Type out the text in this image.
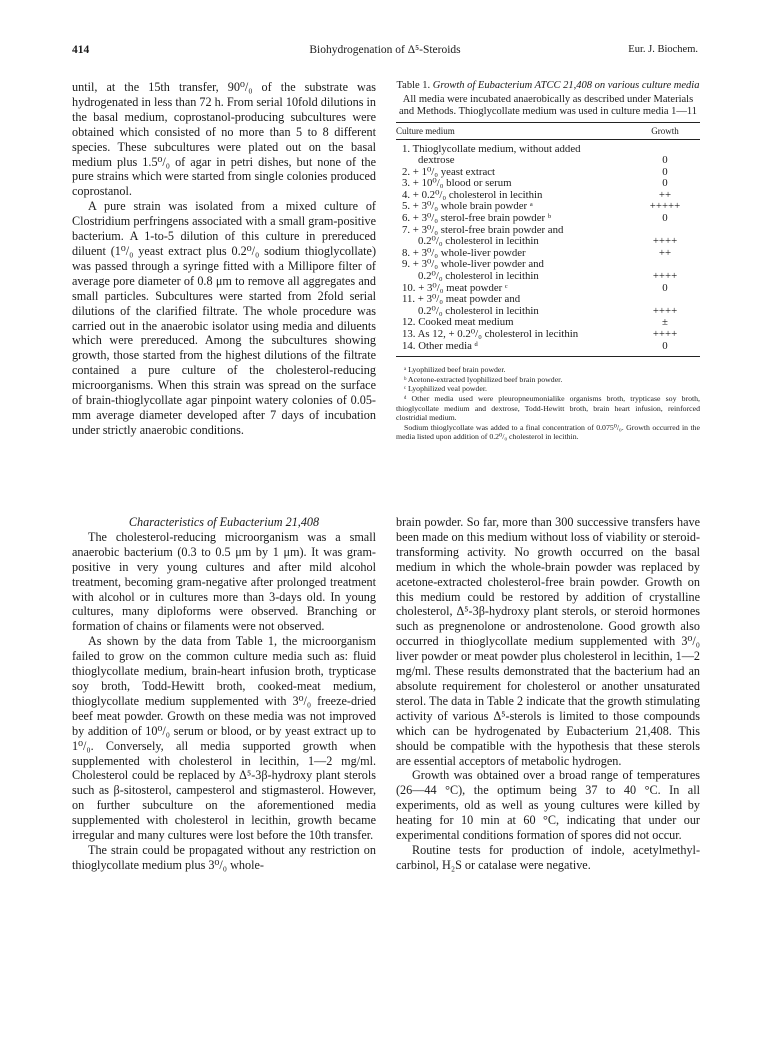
414	Biohydrogenation of Δ⁵-Steroids	Eur. J. Biochem.

until, at the 15th transfer, 90⁰/₀ of the substrate was hydrogenated in less than 72 h. From serial 10fold dilutions in the basal medium, coprostanol-producing subcultures were obtained which consisted of no more than 5 to 8 different species. These subcultures were plated out on the basal medium plus 1.5⁰/₀ of agar in petri dishes, but none of the pure strains which were started from single colonies produced coprostanol.

A pure strain was isolated from a mixed culture of Clostridium perfringens associated with a small gram-positive bacterium. A 1-to-5 dilution of this culture in prereduced diluent (1⁰/₀ yeast extract plus 0.2⁰/₀ sodium thioglycollate) was passed through a syringe fitted with a Millipore filter of average pore diameter of 0.8 μm to remove all aggregates and small particles. Subcultures were started from 2fold serial dilutions of the clarified filtrate. The whole procedure was carried out in the anaerobic isolator using media and diluents which were prereduced. Among the subcultures showing growth, those started from the highest dilutions of the filtrate contained a pure culture of the cholesterol-reducing microorganisms. When this strain was spread on the surface of brain-thioglycollate agar pinpoint watery colonies of 0.05-mm average diameter developed after 7 days of incubation under strictly anaerobic conditions.

Characteristics of Eubacterium 21,408

The cholesterol-reducing microorganism was a small anaerobic bacterium (0.3 to 0.5 μm by 1 μm). It was gram-positive in very young cultures and after mild alcohol treatment, becoming gram-negative after prolonged treatment with alcohol or in cultures more than 3-days old. In young cultures, many diploforms were observed. Branching or formation of chains or filaments were not observed.

As shown by the data from Table 1, the microorganism failed to grow on the common culture media such as: fluid thioglycollate medium, brain-heart infusion broth, trypticase soy broth, Todd-Hewitt broth, cooked-meat medium, thioglycollate medium supplemented with 3⁰/₀ freeze-dried beef meat powder. Growth on these media was not improved by addition of 10⁰/₀ serum or blood, or by yeast extract up to 1⁰/₀. Conversely, all media supported growth when supplemented with cholesterol in lecithin, 1—2 mg/ml. Cholesterol could be replaced by Δ⁵-3β-hydroxy plant sterols such as β-sitosterol, campesterol and stigmasterol. However, on further subculture on the aforementioned media supplemented with cholesterol in lecithin, growth became irregular and many cultures were lost before the 10th transfer.

The strain could be propagated without any restriction on thioglycollate medium plus 3⁰/₀ whole-

brain powder. So far, more than 300 successive transfers have been made on this medium without loss of viability or steroid-transforming activity. No growth occurred on the basal medium in which the whole-brain powder was replaced by acetone-extracted cholesterol-free brain powder. Growth on this medium could be restored by addition of crystalline cholesterol, Δ⁵-3β-hydroxy plant sterols, or steroid hormones such as pregnenolone or androstenolone. Good growth also occurred in thioglycollate medium supplemented with 3⁰/₀ liver powder or meat powder plus cholesterol in lecithin, 1—2 mg/ml. These results demonstrated that the bacterium had an absolute requirement for cholesterol or another unsaturated sterol. The data in Table 2 indicate that the growth stimulating activity of various Δ⁵-sterols is limited to those compounds which can be hydrogenated by Eubacterium 21,408. This should be compatible with the hypothesis that these sterols are essential acceptors of metabolic hydrogen.

Growth was obtained over a broad range of temperatures (26—44 °C), the optimum being 37 to 40 °C. In all experiments, old as well as young cultures were killed by heating for 10 min at 60 °C, indicating that under our experimental conditions formation of spores did not occur.

Routine tests for production of indole, acetylmethyl-carbinol, H₂S or catalase were negative.

Table 1. Growth of Eubacterium ATCC 21,408 on various culture media
All media were incubated anaerobically as described under Materials and Methods. Thioglycollate medium was used in culture media 1—11
Culture medium	Growth
1. Thioglycollate medium, without added
dextrose	0
2. + 1⁰/₀ yeast extract	0
3. + 10⁰/₀ blood or serum	0
4. + 0.2⁰/₀ cholesterol in lecithin	++
5. + 3⁰/₀ whole brain powder ᵃ	+++++
6. + 3⁰/₀ sterol-free brain powder ᵇ	0
7. + 3⁰/₀ sterol-free brain powder and
0.2⁰/₀ cholesterol in lecithin	++++
8. + 3⁰/₀ whole-liver powder	++
9. + 3⁰/₀ whole-liver powder and
0.2⁰/₀ cholesterol in lecithin	++++
10. + 3⁰/₀ meat powder ᶜ	0
11. + 3⁰/₀ meat powder and
0.2⁰/₀ cholesterol in lecithin	++++
12. Cooked meat medium	±
13. As 12, + 0.2⁰/₀ cholesterol in lecithin	++++
14. Other media ᵈ	0

ᵃ Lyophilized beef brain powder.

ᵇ Acetone-extracted lyophilized beef brain powder.

ᶜ Lyophilized veal powder.

ᵈ Other media used were pleuropneumonialike organisms broth, trypticase soy broth, thioglycollate medium and dextrose, Todd-Hewitt broth, brain heart infusion, reinforced clostridial medium.

Sodium thioglycollate was added to a final concentration of 0.075⁰/₀. Growth occurred in the media listed upon addition of 0.2⁰/₀ cholesterol in lecithin.
